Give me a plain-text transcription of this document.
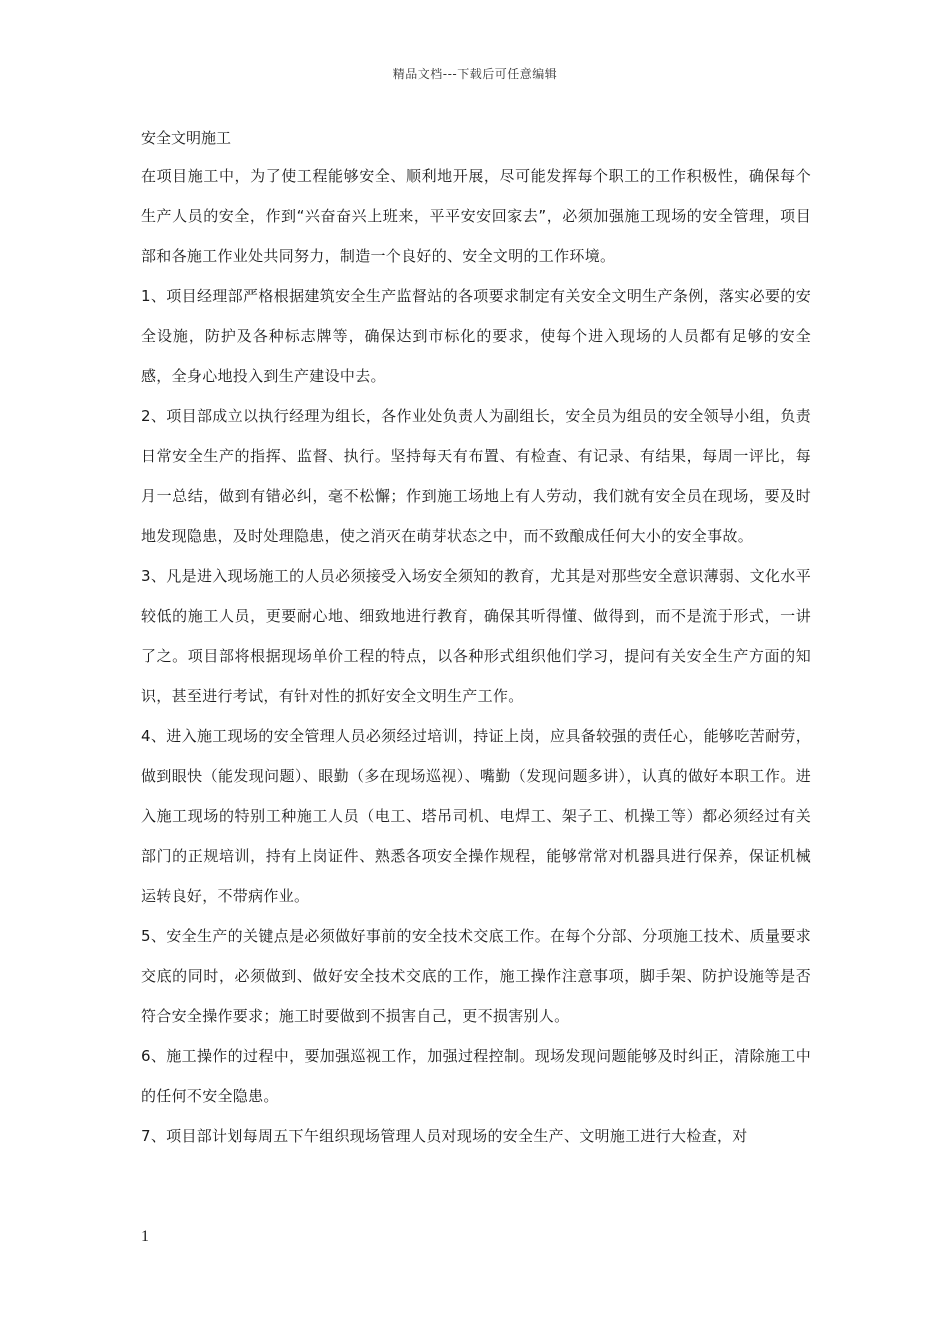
精品文档---下载后可任意编辑
安全文明施工

在项目施工中，为了使工程能够安全、顺利地开展，尽可能发挥每个职工的工作积极性，确保每个生产人员的安全，作到“兴奋奋兴上班来，平平安安回家去”，必须加强施工现场的安全管理，项目部和各施工作业处共同努力，制造一个良好的、安全文明的工作环境。

1、项目经理部严格根据建筑安全生产监督站的各项要求制定有关安全文明生产条例，落实必要的安全设施，防护及各种标志牌等，确保达到市标化的要求，使每个进入现场的人员都有足够的安全感，全身心地投入到生产建设中去。

2、项目部成立以执行经理为组长，各作业处负责人为副组长，安全员为组员的安全领导小组，负责日常安全生产的指挥、监督、执行。坚持每天有布置、有检查、有记录、有结果，每周一评比，每月一总结，做到有错必纠，毫不松懈；作到施工场地上有人劳动，我们就有安全员在现场，要及时地发现隐患，及时处理隐患，使之消灭在萌芽状态之中，而不致酿成任何大小的安全事故。

3、凡是进入现场施工的人员必须接受入场安全须知的教育，尤其是对那些安全意识薄弱、文化水平较低的施工人员，更要耐心地、细致地进行教育，确保其听得懂、做得到，而不是流于形式，一讲了之。项目部将根据现场单价工程的特点，以各种形式组织他们学习，提问有关安全生产方面的知识，甚至进行考试，有针对性的抓好安全文明生产工作。

4、进入施工现场的安全管理人员必须经过培训，持证上岗，应具备较强的责任心，能够吃苦耐劳，做到眼快（能发现问题）、眼勤（多在现场巡视）、嘴勤（发现问题多讲），认真的做好本职工作。进入施工现场的特别工种施工人员（电工、塔吊司机、电焊工、架子工、机操工等）都必须经过有关部门的正规培训，持有上岗证件、熟悉各项安全操作规程，能够常常对机器具进行保养，保证机械运转良好，不带病作业。

5、安全生产的关键点是必须做好事前的安全技术交底工作。在每个分部、分项施工技术、质量要求交底的同时，必须做到、做好安全技术交底的工作，施工操作注意事项，脚手架、防护设施等是否符合安全操作要求；施工时要做到不损害自己，更不损害别人。

6、施工操作的过程中，要加强巡视工作，加强过程控制。现场发现问题能够及时纠正，清除施工中的任何不安全隐患。

7、项目部计划每周五下午组织现场管理人员对现场的安全生产、文明施工进行大检查，对

1
